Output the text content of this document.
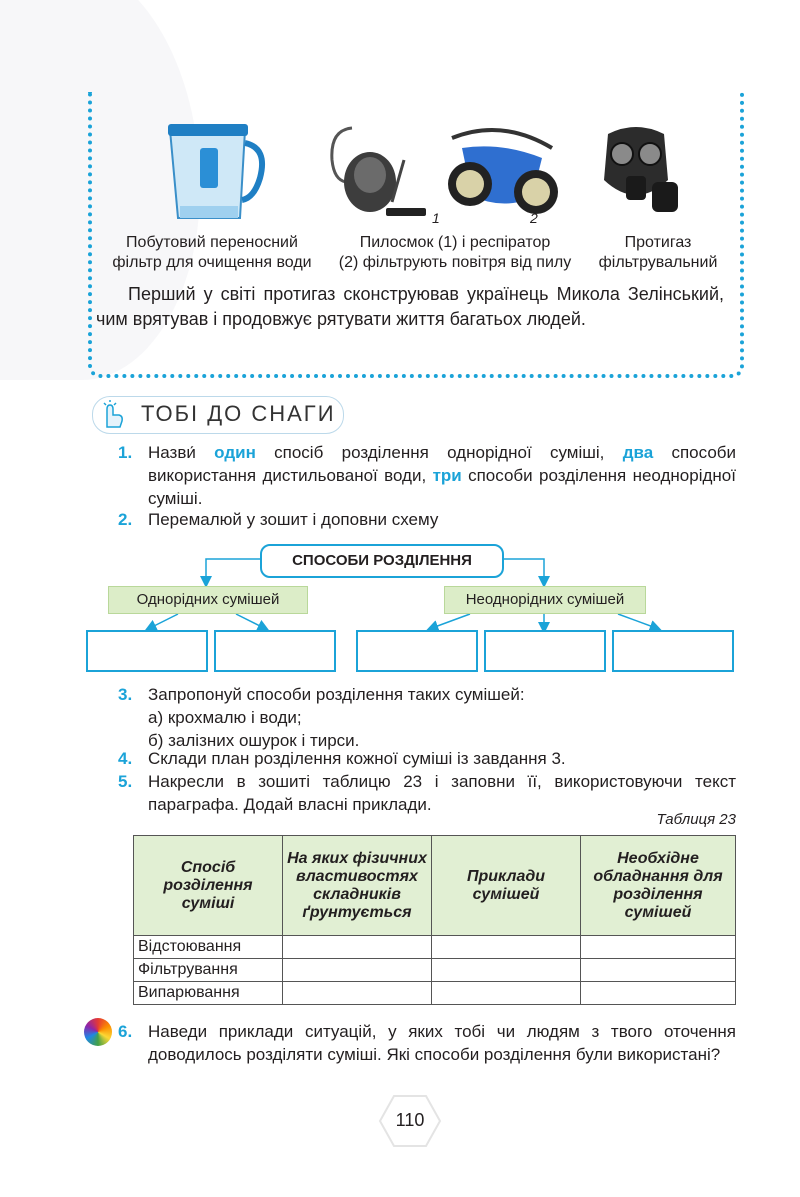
1	2
Побутовий переносний
фільтр для очищення води
Пилосмок (1) і респіратор
(2) фільтрують повітря від пилу
Протигаз
фільтрувальний
Перший у світі протигаз сконструював українець Микола Зелінський, чим врятував і продовжує рятувати життя багатьох людей.
ТОБІ ДО СНАГИ
1. Назви́ один спосіб розділення однорідної суміші, два способи використання дистильованої води, три способи розділення неоднорідної суміші.
2. Перемалюй у зошит і доповни схему
СПОСОБИ РОЗДІЛЕННЯ
Однорідних сумішей	Неоднорідних сумішей
3. Запропонуй способи розділення таких сумішей:
а) крохмалю і води;
б) залізних ошурок і тирси.
4. Склади план розділення кожної суміші із завдання 3.
5. Накресли в зошиті таблицю 23 і заповни її, використовуючи текст параграфа. Додай власні приклади.
Таблиця 23
Спосіб розділення суміші	На яких фізичних властивостях складників ґрунтується	Приклади сумішей	Необхідне обладнання для розділення сумішей
Відстоювання			
Фільтрування			
Випарювання			
6. Наведи приклади ситуацій, у яких тобі чи людям з твого оточення доводилось розділяти суміші. Які способи розділення були використані?
110
